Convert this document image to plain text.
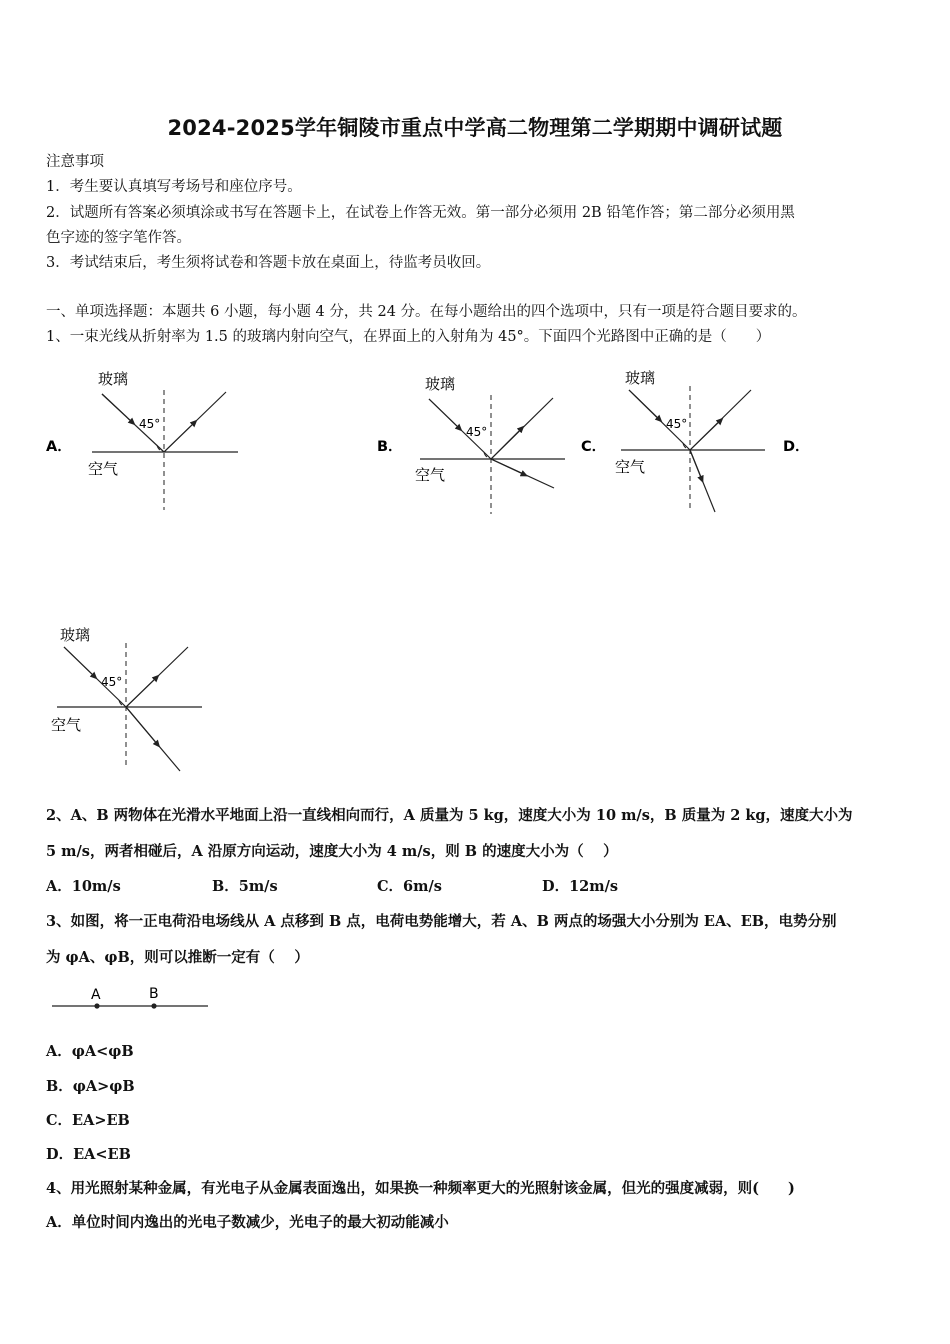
2024-2025学年铜陵市重点中学高二物理第二学期期中调研试题
注意事项
1．考生要认真填写考场号和座位序号。
2．试题所有答案必须填涂或书写在答题卡上，在试卷上作答无效。第一部分必须用 2B 铅笔作答；第二部分必须用黑
色字迹的签字笔作答。
3．考试结束后，考生须将试卷和答题卡放在桌面上，待监考员收回。
一、单项选择题：本题共 6 小题，每小题 4 分，共 24 分。在每小题给出的四个选项中，只有一项是符合题目要求的。
1、一束光线从折射率为 1.5 的玻璃内射向空气，在界面上的入射角为 45°。下面四个光路图中正确的是（　　）
A．	B．	C．	D．
玻璃
空气
45°
玻璃
空气
45°
玻璃
空气
45°
玻璃
空气
45°
2、A、B 两物体在光滑水平地面上沿一直线相向而行，A 质量为 5 kg，速度大小为 10 m/s，B 质量为 2 kg，速度大小为
5 m/s，两者相碰后，A 沿原方向运动，速度大小为 4 m/s，则 B 的速度大小为（　 ）
A．10m/s	B．5m/s	C．6m/s	D．12m/s
3、如图，将一正电荷沿电场线从 A 点移到 B 点，电荷电势能增大，若 A、B 两点的场强大小分别为 EA、EB，电势分别
为 φA、φB，则可以推断一定有（　 ）
A	B
A．φA<φB
B．φA>φB
C．EA>EB
D．EA<EB
4、用光照射某种金属，有光电子从金属表面逸出，如果换一种频率更大的光照射该金属，但光的强度减弱，则(　　)
A．单位时间内逸出的光电子数减少，光电子的最大初动能减小
